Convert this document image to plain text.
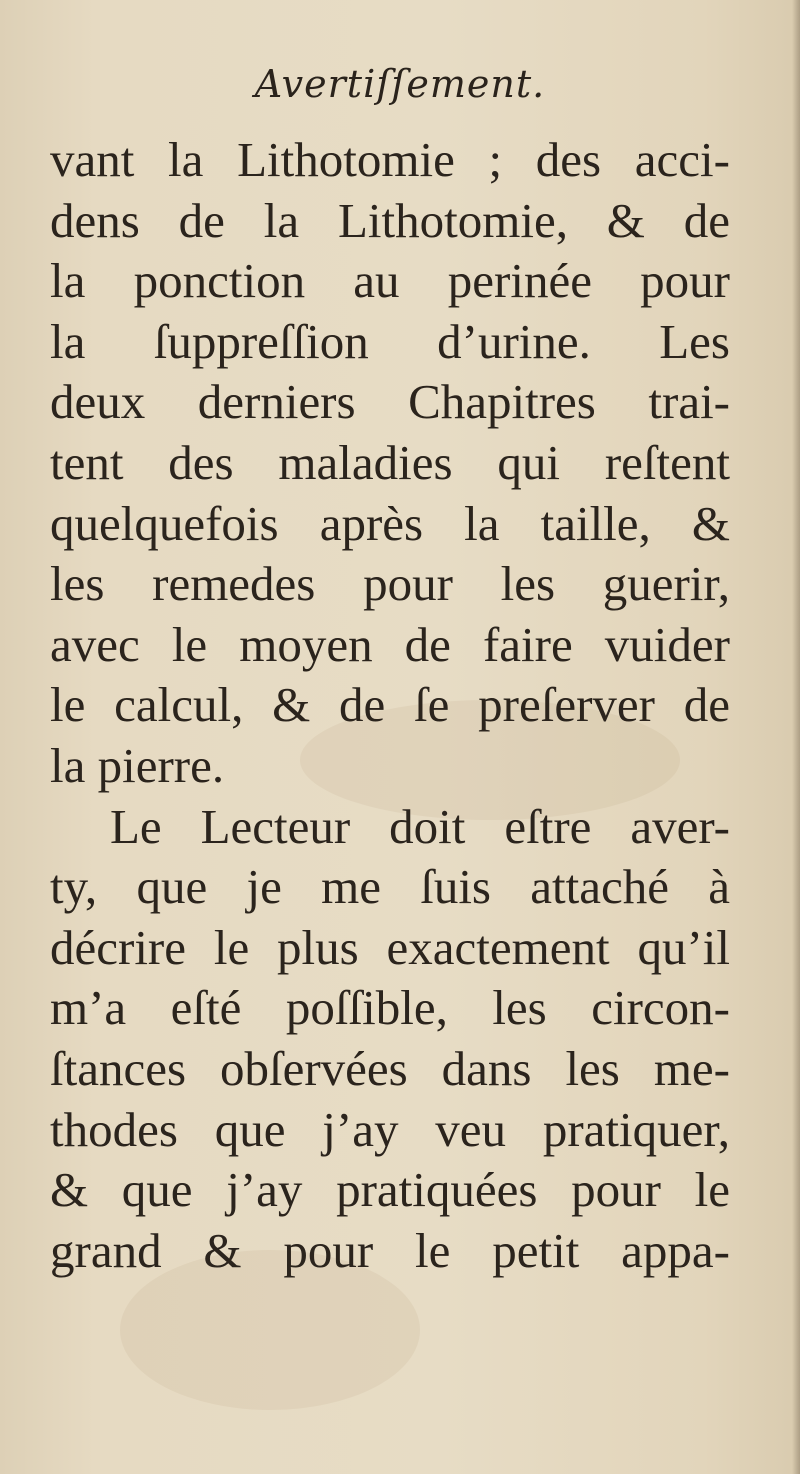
Avertiſſement.
vant la Lithotomie ; des acci-
dens de la Lithotomie, & de
la ponction au perinée pour
la ſuppreſſion d’urine. Les
deux derniers Chapitres trai-
tent des maladies qui reſtent
quelquefois après la taille, &
les remedes pour les guerir,
avec le moyen de faire vuider
le calcul, & de ſe preſerver de
la pierre.
Le Lecteur doit eſtre aver-
ty, que je me ſuis attaché à
décrire le plus exactement qu’il
m’a eſté poſſible, les circon-
ſtances obſervées dans les me-
thodes que j’ay veu pratiquer,
& que j’ay pratiquées pour le
grand & pour le petit appa-
